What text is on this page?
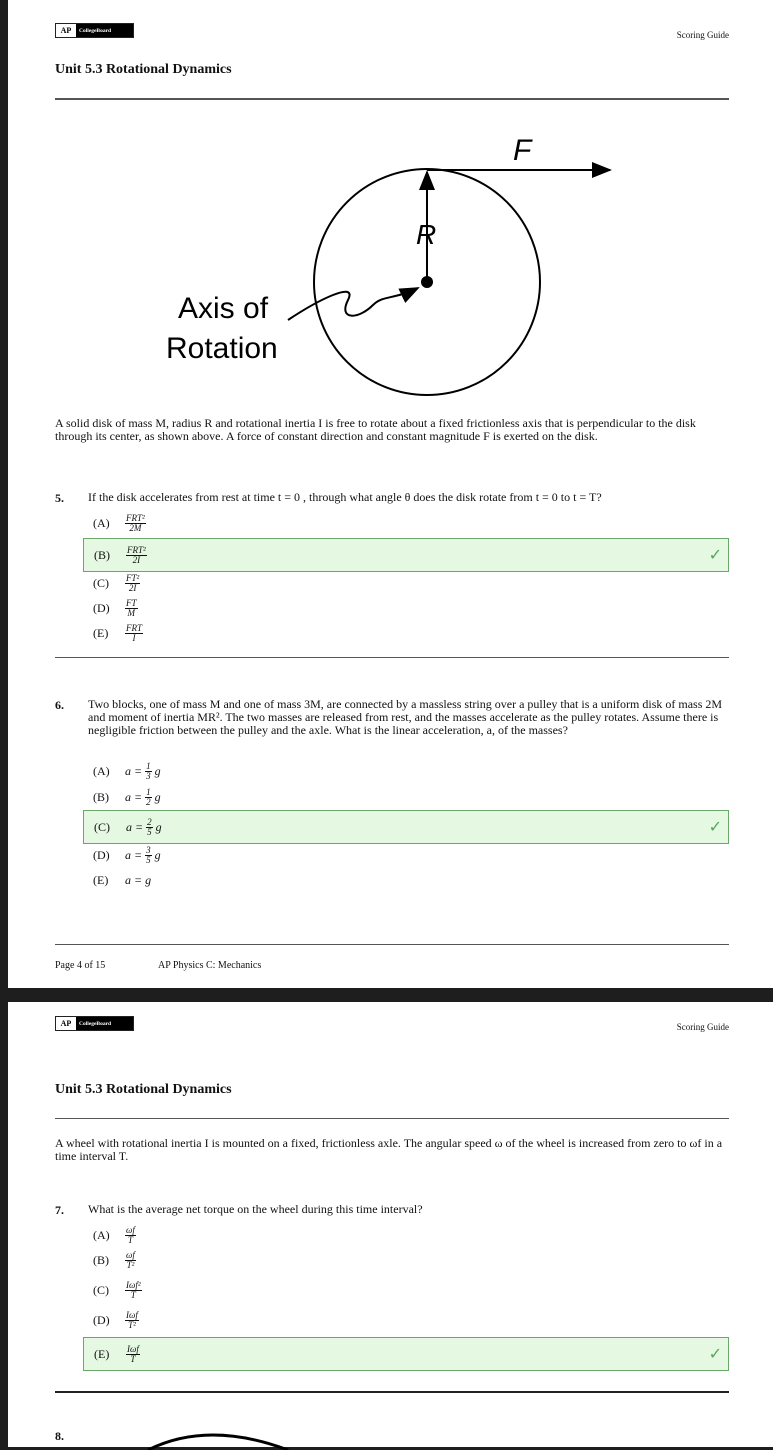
AP	CollegeBoard	Scoring Guide
Unit 5.3 Rotational Dynamics
F
R
Axis of
Rotation
A solid disk of mass M, radius R and rotational inertia I is free to rotate about a fixed frictionless axis that is perpendicular to the disk through its center, as shown above. A force of constant direction and constant magnitude F is exerted on the disk.
5. If the disk accelerates from rest at time t = 0 , through what angle θ does the disk rotate from t = 0 to t = T?
(A)	$\frac{\text{FRT²}}{2M}$
(B)	$\frac{\text{FRT²}}{2I}$	✓
(C)	$\frac{\text{FT²}}{2I}$
(D)	$\frac{FT}{M}$
(E)	$\frac{\text{FRT}}{I}$
6. Two blocks, one of mass M and one of mass 3M, are connected by a massless string over a pulley that is a uniform disk of mass 2M and moment of inertia MR². The two masses are released from rest, and the masses accelerate as the pulley rotates. Assume there is negligible friction between the pulley and the axle. What is the linear acceleration, a, of the masses?
(A)	a =
$\frac{1}{3}$
g
(B)	a =
$\frac{1}{2}$
g
(C)	a =
$\frac{2}{5}$
g	✓
(D)	a =
$\frac{3}{5}$
g
(E)	a = g

Page 4 of 15	AP Physics C: Mechanics
AP	CollegeBoard	Scoring Guide
Unit 5.3 Rotational Dynamics
A wheel with rotational inertia I is mounted on a fixed, frictionless axle. The angular speed ω of the wheel is increased from zero to ωf in a time interval T.
7. What is the average net torque on the wheel during this time interval?
(A)	$\frac{\omega f}{T}$
(B)	$\frac{\omega f}{\text{T²}}$
(C)	$\frac{\text{Iωf²}}{T}$
(D)	$\frac{\text{Iωf}}{\text{T²}}$
(E)	$\frac{\text{Iωf}}{T}$	✓
8.
